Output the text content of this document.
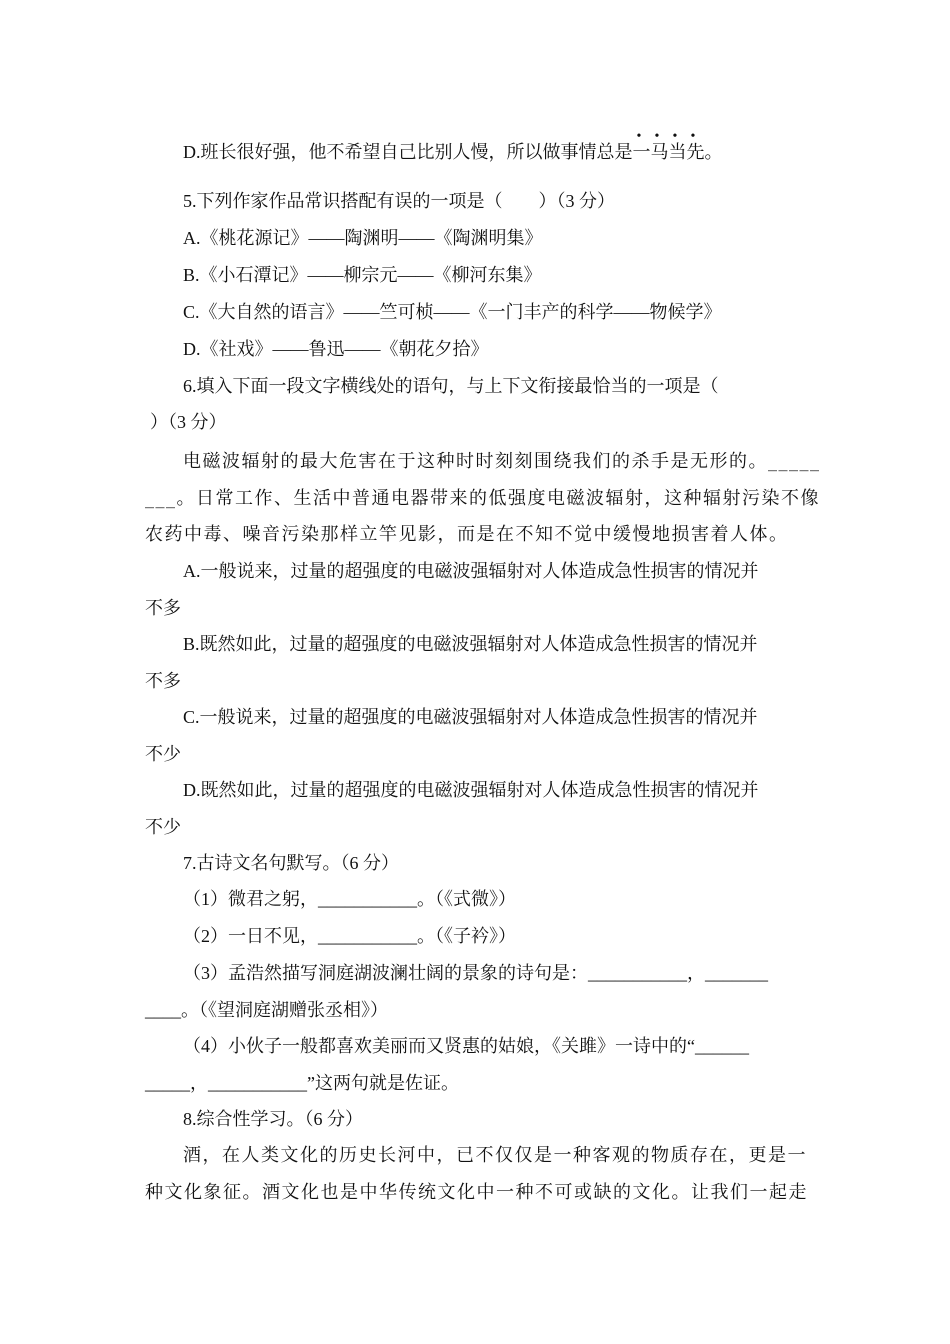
D.班长很好强，他不希望自己比别人慢，所以做事情总是一马当先
• • • •
。
5.下列作家作品常识搭配有误的一项是（　　）（3 分）
A.《桃花源记》——陶渊明——《陶渊明集》
B.《小石潭记》——柳宗元——《柳河东集》
C.《大自然的语言》——竺可桢——《一门丰产的科学——物候学》
D.《社戏》——鲁迅——《朝花夕拾》
6.填入下面一段文字横线处的语句，与上下文衔接最恰当的一项是（
）（3 分）
电磁波辐射的最大危害在于这种时时刻刻围绕我们的杀手是无形的。_____
___。日常工作、生活中普通电器带来的低强度电磁波辐射，这种辐射污染不像
农药中毒、噪音污染那样立竿见影，而是在不知不觉中缓慢地损害着人体。
A.一般说来，过量的超强度的电磁波强辐射对人体造成急性损害的情况并
不多
B.既然如此，过量的超强度的电磁波强辐射对人体造成急性损害的情况并
不多
C.一般说来，过量的超强度的电磁波强辐射对人体造成急性损害的情况并
不少
D.既然如此，过量的超强度的电磁波强辐射对人体造成急性损害的情况并
不少
7.古诗文名句默写。（6 分）
（1）微君之躬，___________。（《式微》）
（2）一日不见，___________。（《子衿》）
（3）孟浩然描写洞庭湖波澜壮阔的景象的诗句是：___________，_______
____。（《望洞庭湖赠张丞相》）
（4）小伙子一般都喜欢美丽而又贤惠的姑娘，《关雎》一诗中的“______
_____，___________”这两句就是佐证。
8.综合性学习。（6 分）
酒，在人类文化的历史长河中，已不仅仅是一种客观的物质存在，更是一
种文化象征。酒文化也是中华传统文化中一种不可或缺的文化。让我们一起走
